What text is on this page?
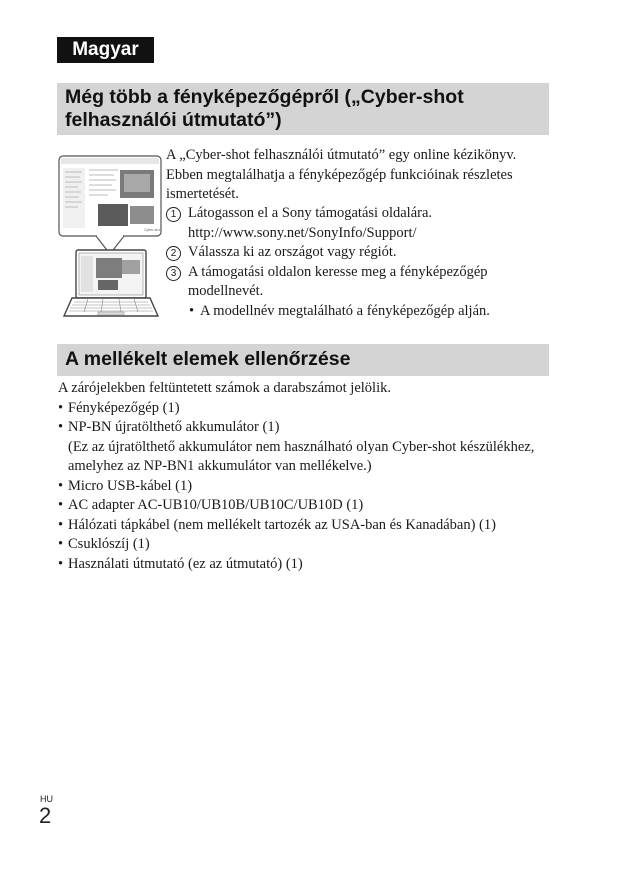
Magyar
Még több a fényképezőgépről („Cyber-shot felhasználói útmutató”)
Cyber-shot
A „Cyber-shot felhasználói útmutató” egy online kézikönyv. Ebben megtalálhatja a fényképezőgép funkcióinak részletes ismertetését.
1 Látogasson el a Sony támogatási oldalára.
http://www.sony.net/SonyInfo/Support/
2 Válassza ki az országot vagy régiót.
3 A támogatási oldalon keresse meg a fényképezőgép modellnevét.
• A modellnév megtalálható a fényképezőgép alján.
A mellékelt elemek ellenőrzése
A zárójelekben feltüntetett számok a darabszámot jelölik.
• Fényképezőgép (1)
• NP-BN újratölthető akkumulátor (1)
(Ez az újratölthető akkumulátor nem használható olyan Cyber-shot készülékhez, amelyhez az NP-BN1 akkumulátor van mellékelve.)
• Micro USB-kábel (1)
• AC adapter AC-UB10/UB10B/UB10C/UB10D (1)
• Hálózati tápkábel (nem mellékelt tartozék az USA-ban és Kanadában) (1)
• Csuklószíj (1)
• Használati útmutató (ez az útmutató) (1)
HU
2
